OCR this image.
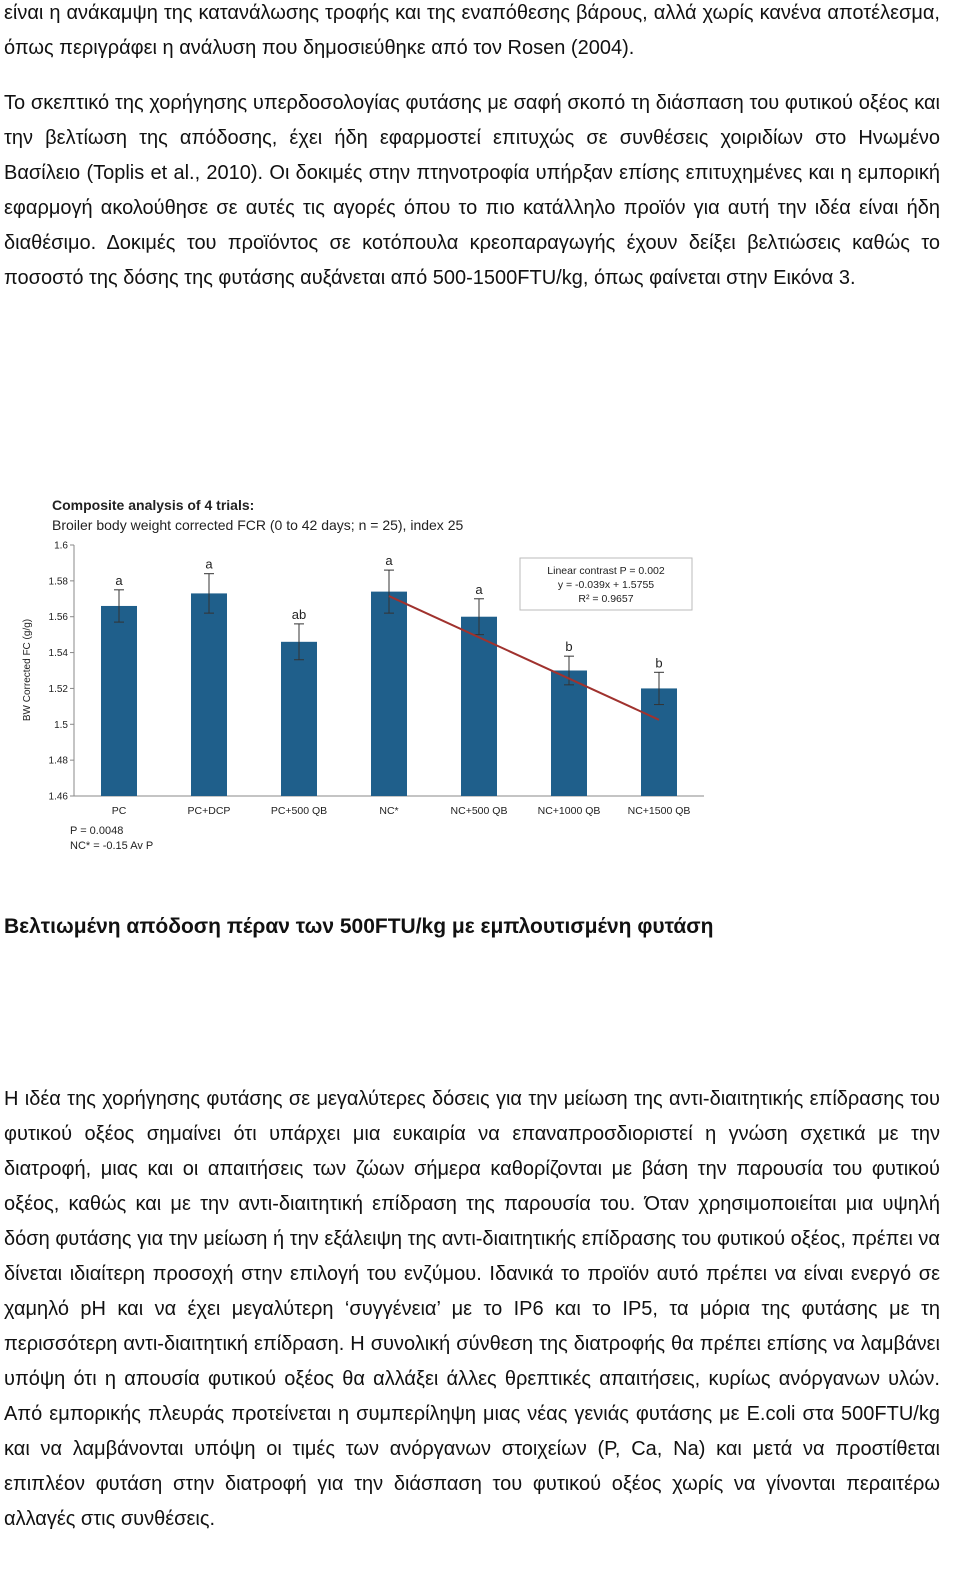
είναι η ανάκαμψη της κατανάλωσης τροφής και της εναπόθεσης βάρους, αλλά χωρίς κανένα αποτέλεσμα, όπως περιγράφει η ανάλυση που δημοσιεύθηκε από τον Rosen (2004).

Το σκεπτικό της χορήγησης υπερδοσολογίας φυτάσης με σαφή σκοπό τη διάσπαση του φυτικού οξέος και την βελτίωση της απόδοσης, έχει ήδη εφαρμοστεί επιτυχώς σε συνθέσεις χοιριδίων στο Ηνωμένο Βασίλειο (Toplis et al., 2010). Οι δοκιμές στην πτηνοτροφία υπήρξαν επίσης επιτυχημένες και η εμπορική εφαρμογή ακολούθησε σε αυτές τις αγορές όπου το πιο κατάλληλο προϊόν για αυτή την ιδέα είναι ήδη διαθέσιμο. Δοκιμές του προϊόντος σε κοτόπουλα κρεοπαραγωγής έχουν δείξει βελτιώσεις καθώς το ποσοστό της δόσης της φυτάσης αυξάνεται από 500-1500FTU/kg, όπως φαίνεται στην Εικόνα 3.

Composite analysis of 4 trials:
Broiler body weight corrected FCR (0 to 42 days; n = 25), index 25
BW Corrected FC (g/g)
1.6
1.58
1.56
1.54
1.52
1.5
1.48
1.46
a
PC
a
PC+DCP
ab
PC+500 QB
a
NC*
a
NC+500 QB
b
NC+1000 QB
b
NC+1500 QB
Linear contrast P = 0.002
y = -0.039x + 1.5755
R² = 0.9657
P = 0.0048
NC* = -0.15 Av P
Βελτιωμένη απόδοση πέραν των 500FTU/kg με εμπλουτισμένη φυτάση

Η ιδέα της χορήγησης φυτάσης σε μεγαλύτερες δόσεις για την μείωση της αντι-διαιτητικής επίδρασης του φυτικού οξέος σημαίνει ότι υπάρχει μια ευκαιρία να επαναπροσδιοριστεί η γνώση σχετικά με την διατροφή, μιας και οι απαιτήσεις των ζώων σήμερα καθορίζονται με βάση την παρουσία του φυτικού οξέος, καθώς και με την αντι-διαιτητική επίδραση της παρουσία του. Όταν χρησιμοποιείται μια υψηλή δόση φυτάσης για την μείωση ή την εξάλειψη της αντι-διαιτητικής επίδρασης του φυτικού οξέος, πρέπει να δίνεται ιδιαίτερη προσοχή στην επιλογή του ενζύμου. Ιδανικά το προϊόν αυτό πρέπει να είναι ενεργό σε χαμηλό pH και να έχει μεγαλύτερη ‘συγγένεια’ με το IP6 και το IP5, τα μόρια της φυτάσης με τη περισσότερη αντι-διαιτητική επίδραση. Η συνολική σύνθεση της διατροφής θα πρέπει επίσης να λαμβάνει υπόψη ότι η απουσία φυτικού οξέος θα αλλάξει άλλες θρεπτικές απαιτήσεις, κυρίως ανόργανων υλών. Από εμπορικής πλευράς προτείνεται η συμπερίληψη μιας νέας γενιάς φυτάσης με E.coli στα 500FTU/kg και να λαμβάνονται υπόψη οι τιμές των ανόργανων στοιχείων (P, Ca, Na) και μετά να προστίθεται επιπλέον φυτάση στην διατροφή για την διάσπαση του φυτικού οξέος χωρίς να γίνονται περαιτέρω αλλαγές στις συνθέσεις.
